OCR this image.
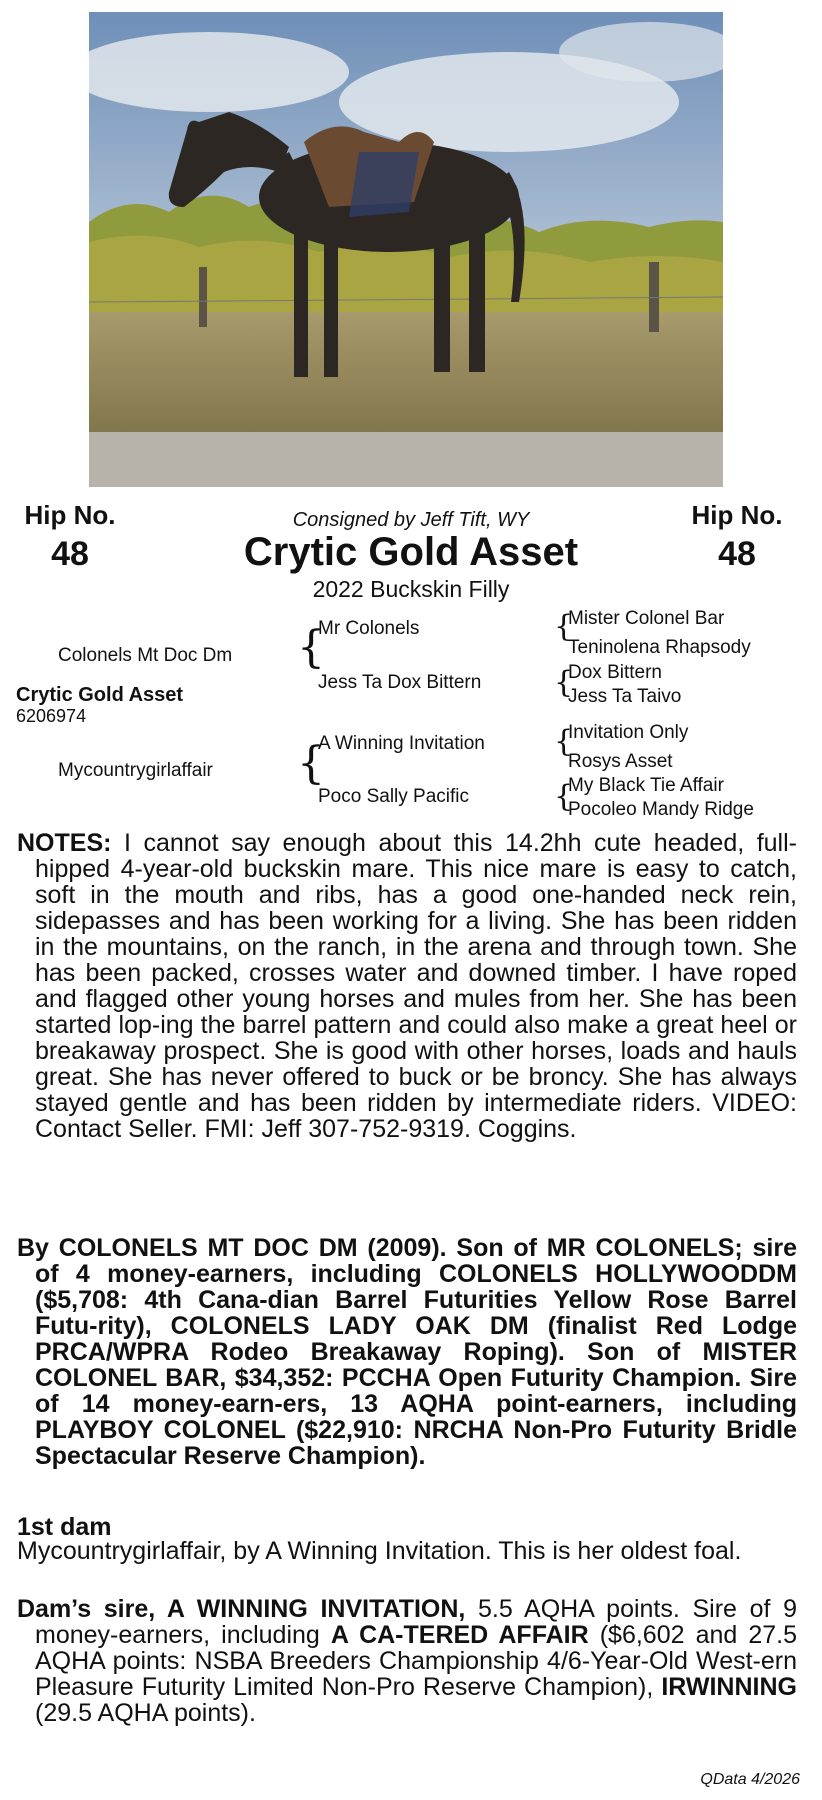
Hip No.
48
Hip No.
48
Consigned by Jeff Tift, WY
Crytic Gold Asset
2022 Buckskin Filly
Colonels Mt Doc Dm
Crytic Gold Asset
6206974
Mycountrygirlaffair
{
Mr Colonels
Jess Ta Dox Bittern
{
A Winning Invitation
Poco Sally Pacific
{
Mister Colonel Bar
Teninolena Rhapsody
{
Dox Bittern
Jess Ta Taivo
{
Invitation Only
Rosys Asset
{
My Black Tie Affair
Pocoleo Mandy Ridge

NOTES: I cannot say enough about this 14.2hh cute headed, full-hipped 4-year-old buckskin mare. This nice mare is easy to catch, soft in the mouth and ribs, has a good one-handed neck rein, sidepasses and has been working for a living. She has been ridden in the mountains, on the ranch, in the arena and through town. She has been packed, crosses water and downed timber. I have roped and flagged other young horses and mules from her. She has been started lop-ing the barrel pattern and could also make a great heel or breakaway prospect. She is good with other horses, loads and hauls great. She has never offered to buck or be broncy. She has always stayed gentle and has been ridden by intermediate riders. VIDEO: Contact Seller. FMI: Jeff 307-752-9319. Coggins.

By COLONELS MT DOC DM (2009). Son of MR COLONELS; sire of 4 money-earners, including COLONELS HOLLYWOODDM ($5,708: 4th Cana-dian Barrel Futurities Yellow Rose Barrel Futu-rity), COLONELS LADY OAK DM (finalist Red Lodge PRCA/WPRA Rodeo Breakaway Roping). Son of MISTER COLONEL BAR, $34,352: PCCHA Open Futurity Champion. Sire of 14 money-earn-ers, 13 AQHA point-earners, including PLAYBOY COLONEL ($22,910: NRCHA Non-Pro Futurity Bridle Spectacular Reserve Champion).

1st dam

Mycountrygirlaffair, by A Winning Invitation. This is her oldest foal.

Dam’s sire, A WINNING INVITATION, 5.5 AQHA points. Sire of 9 money-earners, including A CA-TERED AFFAIR ($6,602 and 27.5 AQHA points: NSBA Breeders Championship 4/6-Year-Old West-ern Pleasure Futurity Limited Non-Pro Reserve Champion), IRWINNING (29.5 AQHA points).

QData 4/2026
